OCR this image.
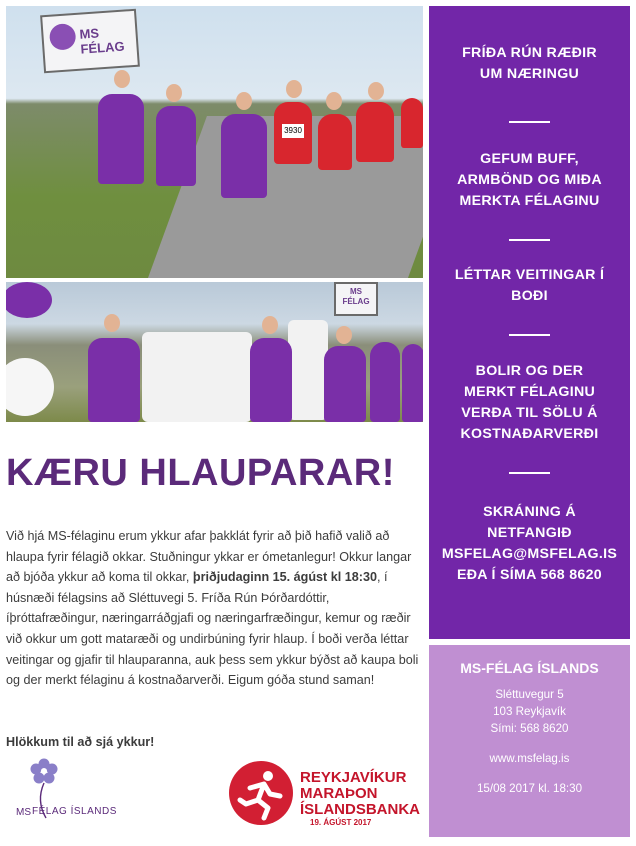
MS FÉLAG
3930
MS FÉLAG
KÆRU HLAUPARAR!

Við hjá MS-félaginu erum ykkur afar þakklát fyrir að þið hafið valið að hlaupa fyrir félagið okkar. Stuðningur ykkar er ómetanlegur! Okkur langar að bjóða ykkur að koma til okkar, þriðjudaginn 15. ágúst kl 18:30, í húsnæði félagsins að Sléttuvegi 5. Fríða Rún Þórðardóttir, íþróttafræðingur, næringarráðgjafi og næringarfræðingur, kemur og ræðir við okkur um gott mataræði og undirbúning fyrir hlaup. Í boði verða léttar veitingar og gjafir til hlauparanna, auk þess sem ykkur býðst að kaupa boli og der merkt félaginu á kostnaðarverði. Eigum góða stund saman!

Hlökkum til að sjá ykkur!

MS FÉLAG ÍSLANDS
REYKJAVÍKUR
MARAÞON
ÍSLANDSBANKA
19. ÁGÚST 2017
FRÍÐA RÚN RÆÐIR
UM NÆRINGU
GEFUM BUFF,
ARMBÖND OG MIÐA
MERKTA FÉLAGINU
LÉTTAR VEITINGAR Í
BOÐI
BOLIR OG DER
MERKT FÉLAGINU
VERÐA TIL SÖLU Á
KOSTNAÐARVERÐI
SKRÁNING Á
NETFANGIÐ
MSFELAG@MSFELAG.IS
EÐA Í SÍMA 568 8620
MS-FÉLAG ÍSLANDS
Sléttuvegur 5
103 Reykjavík
Sími: 568 8620
www.msfelag.is
15/08 2017 kl. 18:30
